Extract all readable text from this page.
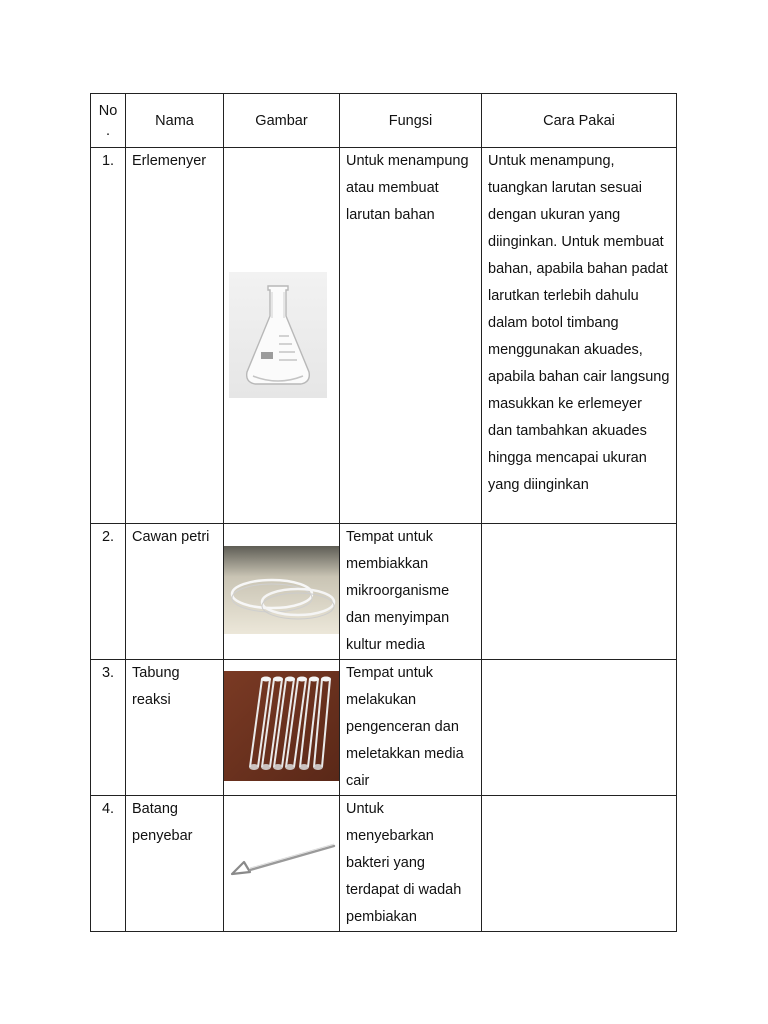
No .	Nama	Gambar	Fungsi	Cara Pakai
1.	Erlemenyer		Untuk menampung atau membuat larutan bahan	Untuk menampung, tuangkan larutan sesuai dengan ukuran yang diinginkan. Untuk membuat bahan, apabila bahan padat larutkan terlebih dahulu dalam botol timbang menggunakan akuades, apabila bahan cair langsung masukkan ke erlemeyer dan tambahkan akuades hingga mencapai ukuran yang diinginkan
2.	Cawan petri		Tempat untuk membiakkan mikroorganisme dan menyimpan kultur media	
3.	Tabung reaksi		Tempat untuk melakukan pengenceran dan meletakkan media cair	
4.	Batang penyebar		Untuk menyebarkan bakteri yang terdapat di wadah pembiakan	
